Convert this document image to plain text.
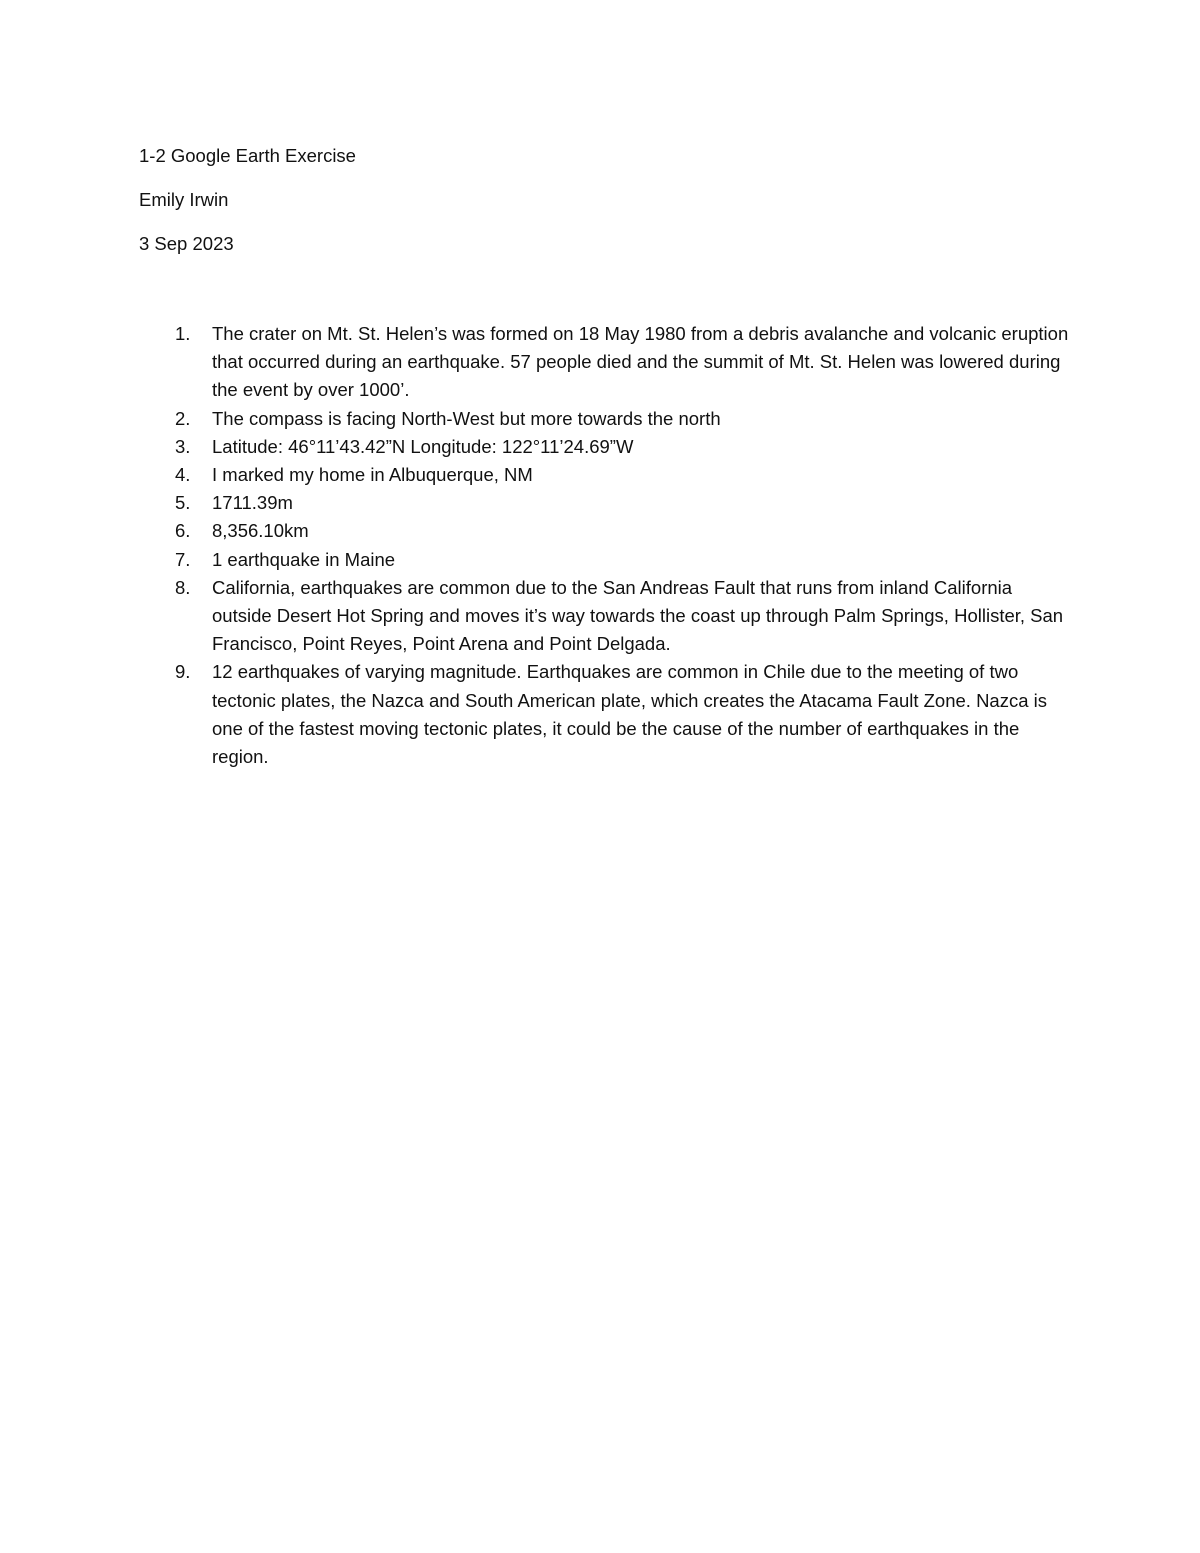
1-2 Google Earth Exercise
Emily Irwin
3 Sep 2023
1.	The crater on Mt. St. Helen’s was formed on 18 May 1980 from a debris avalanche and volcanic eruption that occurred during an earthquake. 57 people died and the summit of Mt. St. Helen was lowered during the event by over 1000’.
2.	The compass is facing North-West but more towards the north
3.	Latitude: 46°11’43.42”N Longitude: 122°11’24.69”W
4.	I marked my home in Albuquerque, NM
5.	1711.39m
6.	8,356.10km
7.	1 earthquake in Maine
8.	California, earthquakes are common due to the San Andreas Fault that runs from inland California outside Desert Hot Spring and moves it’s way towards the coast up through Palm Springs, Hollister, San Francisco, Point Reyes, Point Arena and Point Delgada.
9.	12 earthquakes of varying magnitude. Earthquakes are common in Chile due to the meeting of two tectonic plates, the Nazca and South American plate, which creates the Atacama Fault Zone. Nazca is one of the fastest moving tectonic plates, it could be the cause of the number of earthquakes in the region.
